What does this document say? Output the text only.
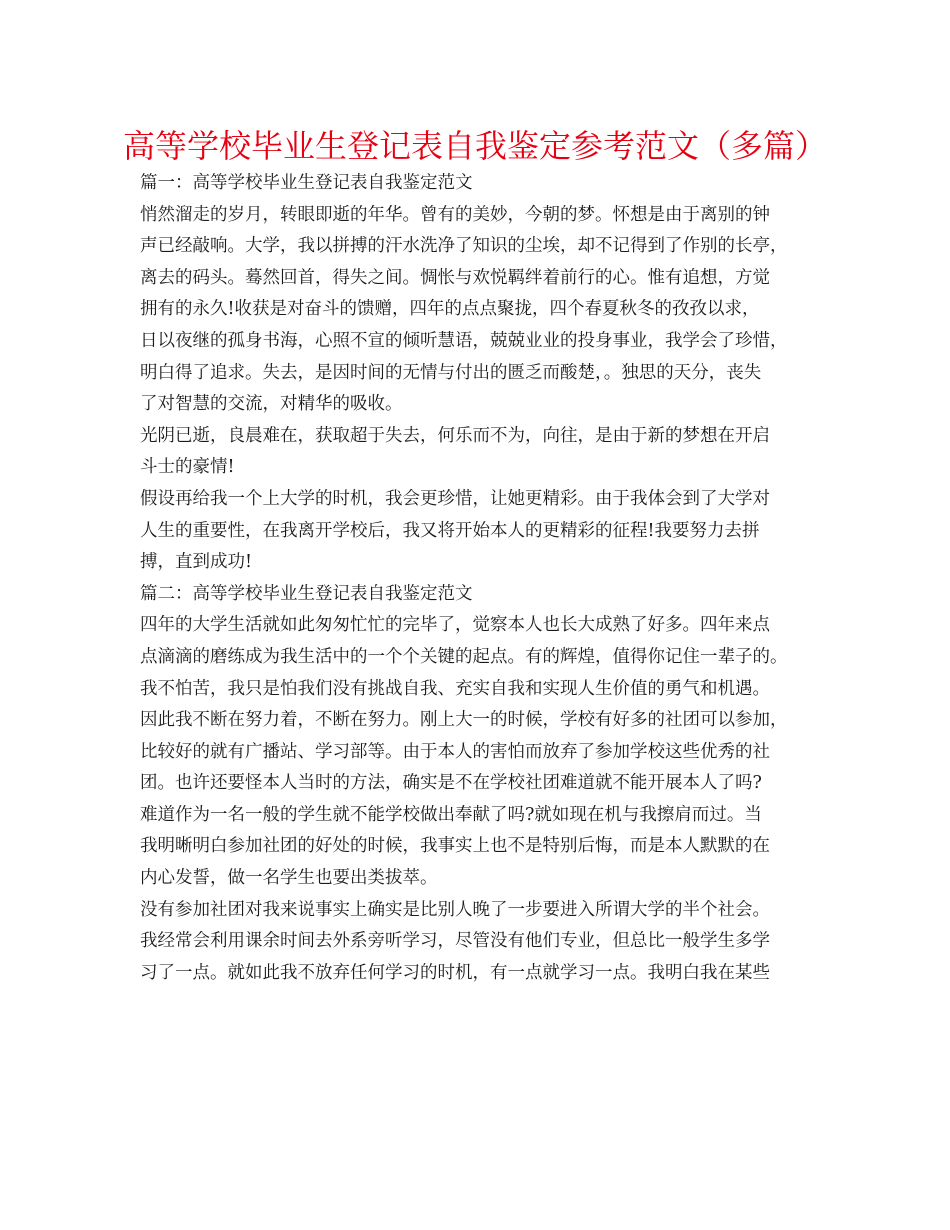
高等学校毕业生登记表自我鉴定参考范文（多篇）
篇一：高等学校毕业生登记表自我鉴定范文
悄然溜走的岁月，转眼即逝的年华。曾有的美妙，今朝的梦。怀想是由于离别的钟
声已经敲响。大学，我以拼搏的汗水洗净了知识的尘埃，却不记得到了作别的长亭，
离去的码头。蓦然回首，得失之间。惆怅与欢悦羁绊着前行的心。惟有追想，方觉
拥有的永久!收获是对奋斗的馈赠，四年的点点聚拢，四个春夏秋冬的孜孜以求，
日以夜继的孤身书海，心照不宣的倾听慧语，兢兢业业的投身事业，我学会了珍惜，
明白得了追求。失去，是因时间的无情与付出的匮乏而酸楚，。独思的天分，丧失
了对智慧的交流，对精华的吸收。
光阴已逝，良晨难在，获取超于失去，何乐而不为，向往，是由于新的梦想在开启
斗士的豪情!
假设再给我一个上大学的时机，我会更珍惜，让她更精彩。由于我体会到了大学对
人生的重要性，在我离开学校后，我又将开始本人的更精彩的征程!我要努力去拼
搏，直到成功!
篇二：高等学校毕业生登记表自我鉴定范文
四年的大学生活就如此匆匆忙忙的完毕了，觉察本人也长大成熟了好多。四年来点
点滴滴的磨练成为我生活中的一个个关键的起点。有的辉煌，值得你记住一辈子的。
我不怕苦，我只是怕我们没有挑战自我、充实自我和实现人生价值的勇气和机遇。
因此我不断在努力着，不断在努力。刚上大一的时候，学校有好多的社团可以参加，
比较好的就有广播站、学习部等。由于本人的害怕而放弃了参加学校这些优秀的社
团。也许还要怪本人当时的方法，确实是不在学校社团难道就不能开展本人了吗?
难道作为一名一般的学生就不能学校做出奉献了吗?就如现在机与我擦肩而过。当
我明晰明白参加社团的好处的时候，我事实上也不是特别后悔，而是本人默默的在
内心发誓，做一名学生也要出类拔萃。
没有参加社团对我来说事实上确实是比别人晚了一步要进入所谓大学的半个社会。
我经常会利用课余时间去外系旁听学习，尽管没有他们专业，但总比一般学生多学
习了一点。就如此我不放弃任何学习的时机，有一点就学习一点。我明白我在某些
